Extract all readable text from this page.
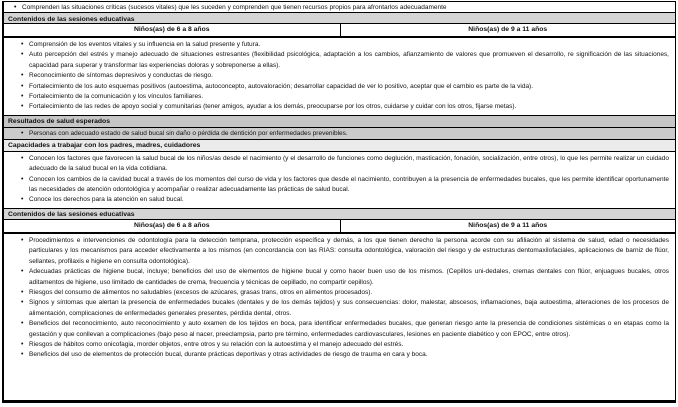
• Comprenden las situaciones críticas (sucesos vitales) que les suceden y comprenden que tienen recursos propios para afrontarlos adecuadamente
Contenidos de las sesiones educativas
Niños(as) de 6 a 8 años	Niños(as) de 9 a 11 años
• Comprensión de los eventos vitales y su influencia en la salud presente y futura.
• Auto percepción del estrés y manejo adecuado de situaciones estresantes (flexibilidad psicológica, adaptación a los cambios, afianzamiento de valores que promueven el desarrollo, re significación de las situaciones, capacidad para superar y transformar las experiencias doloras y sobreponerse a ellas).
• Reconocimiento de síntomas depresivos y conductas de riesgo.
• Fortalecimiento de los auto esquemas positivos (autoestima, autoconcepto, autovaloración; desarrollar capacidad de ver lo positivo, aceptar que el cambio es parte de la vida).
• Fortalecimiento de la comunicación y los vínculos familiares.
• Fortalecimiento de las redes de apoyo social y comunitarias (tener amigos, ayudar a los demás, preocuparse por los otros, cuidarse y cuidar con los otros, fijarse metas).
Resultados de salud esperados
• Personas con adecuado estado de salud bucal sin daño o pérdida de dentición por enfermedades prevenibles.
Capacidades a trabajar con los padres, madres, cuidadores
• Conocen los factores que favorecen la salud bucal de los niños/as desde el nacimiento (y el desarrollo de funciones como deglución, masticación, fonación, socialización, entre otros), lo que les permite realizar un cuidado adecuado de la salud bucal en la vida cotidiana.
• Conocen los cambios de la cavidad bucal a través de los momentos del curso de vida y los factores que desde el nacimiento, contribuyen a la presencia de enfermedades bucales, que les permite identificar oportunamente las necesidades de atención odontológica y acompañar o realizar adecuadamente las prácticas de salud bucal.
• Conoce los derechos para la atención en salud bucal.
Contenidos de las sesiones educativas
Niños(as) de 6 a 8 años	Niños(as) de 9 a 11 años
• Procedimientos e intervenciones de odontología para la detección temprana, protección específica y demás, a los que tienen derecho la persona acorde con su afiliación al sistema de salud, edad o necesidades particulares y los mecanismos para acceder efectivamente a los mismos (en concordancia con las RIAS: consulta odontológica, valoración del riesgo y de estructuras dentomaxilofaciales, aplicaciones de barniz de flúor, sellantes, profilaxis e higiene en consulta odontológica).
• Adecuadas prácticas de higiene bucal, incluye; beneficios del uso de elementos de higiene bucal y como hacer buen uso de los mismos. (Cepillos uni-dedales, cremas dentales con flúor, enjuagues bucales, otros aditamentos de higiene, uso limitado de cantidades de crema, frecuencia y técnicas de cepillado, no compartir cepillos).
• Riesgos del consumo de alimentos no saludables (excesos de azúcares, grasas trans, otros en alimentos procesados).
• Signos y síntomas que alertan la presencia de enfermedades bucales (dentales y de los demás tejidos) y sus consecuencias: dolor, malestar, abscesos, inflamaciones, baja autoestima, alteraciones de los procesos de alimentación, complicaciones de enfermedades generales presentes, pérdida dental, otros.
• Beneficios del reconocimiento, auto reconocimiento y auto examen de los tejidos en boca, para identificar enfermedades bucales, que generan riesgo ante la presencia de condiciones sistémicas o en etapas como la gestación y que conllevan a complicaciones (bajo peso al nacer, preeclampsia, parto pre término, enfermedades cardiovasculares, lesiones en paciente diabético y con EPOC, entre otros).
• Riesgos de hábitos como onicofagia, morder objetos, entre otros y su relación con la autoestima y el manejo adecuado del estrés.
• Beneficios del uso de elementos de protección bucal, durante prácticas deportivas y otras actividades de riesgo de trauma en cara y boca.
